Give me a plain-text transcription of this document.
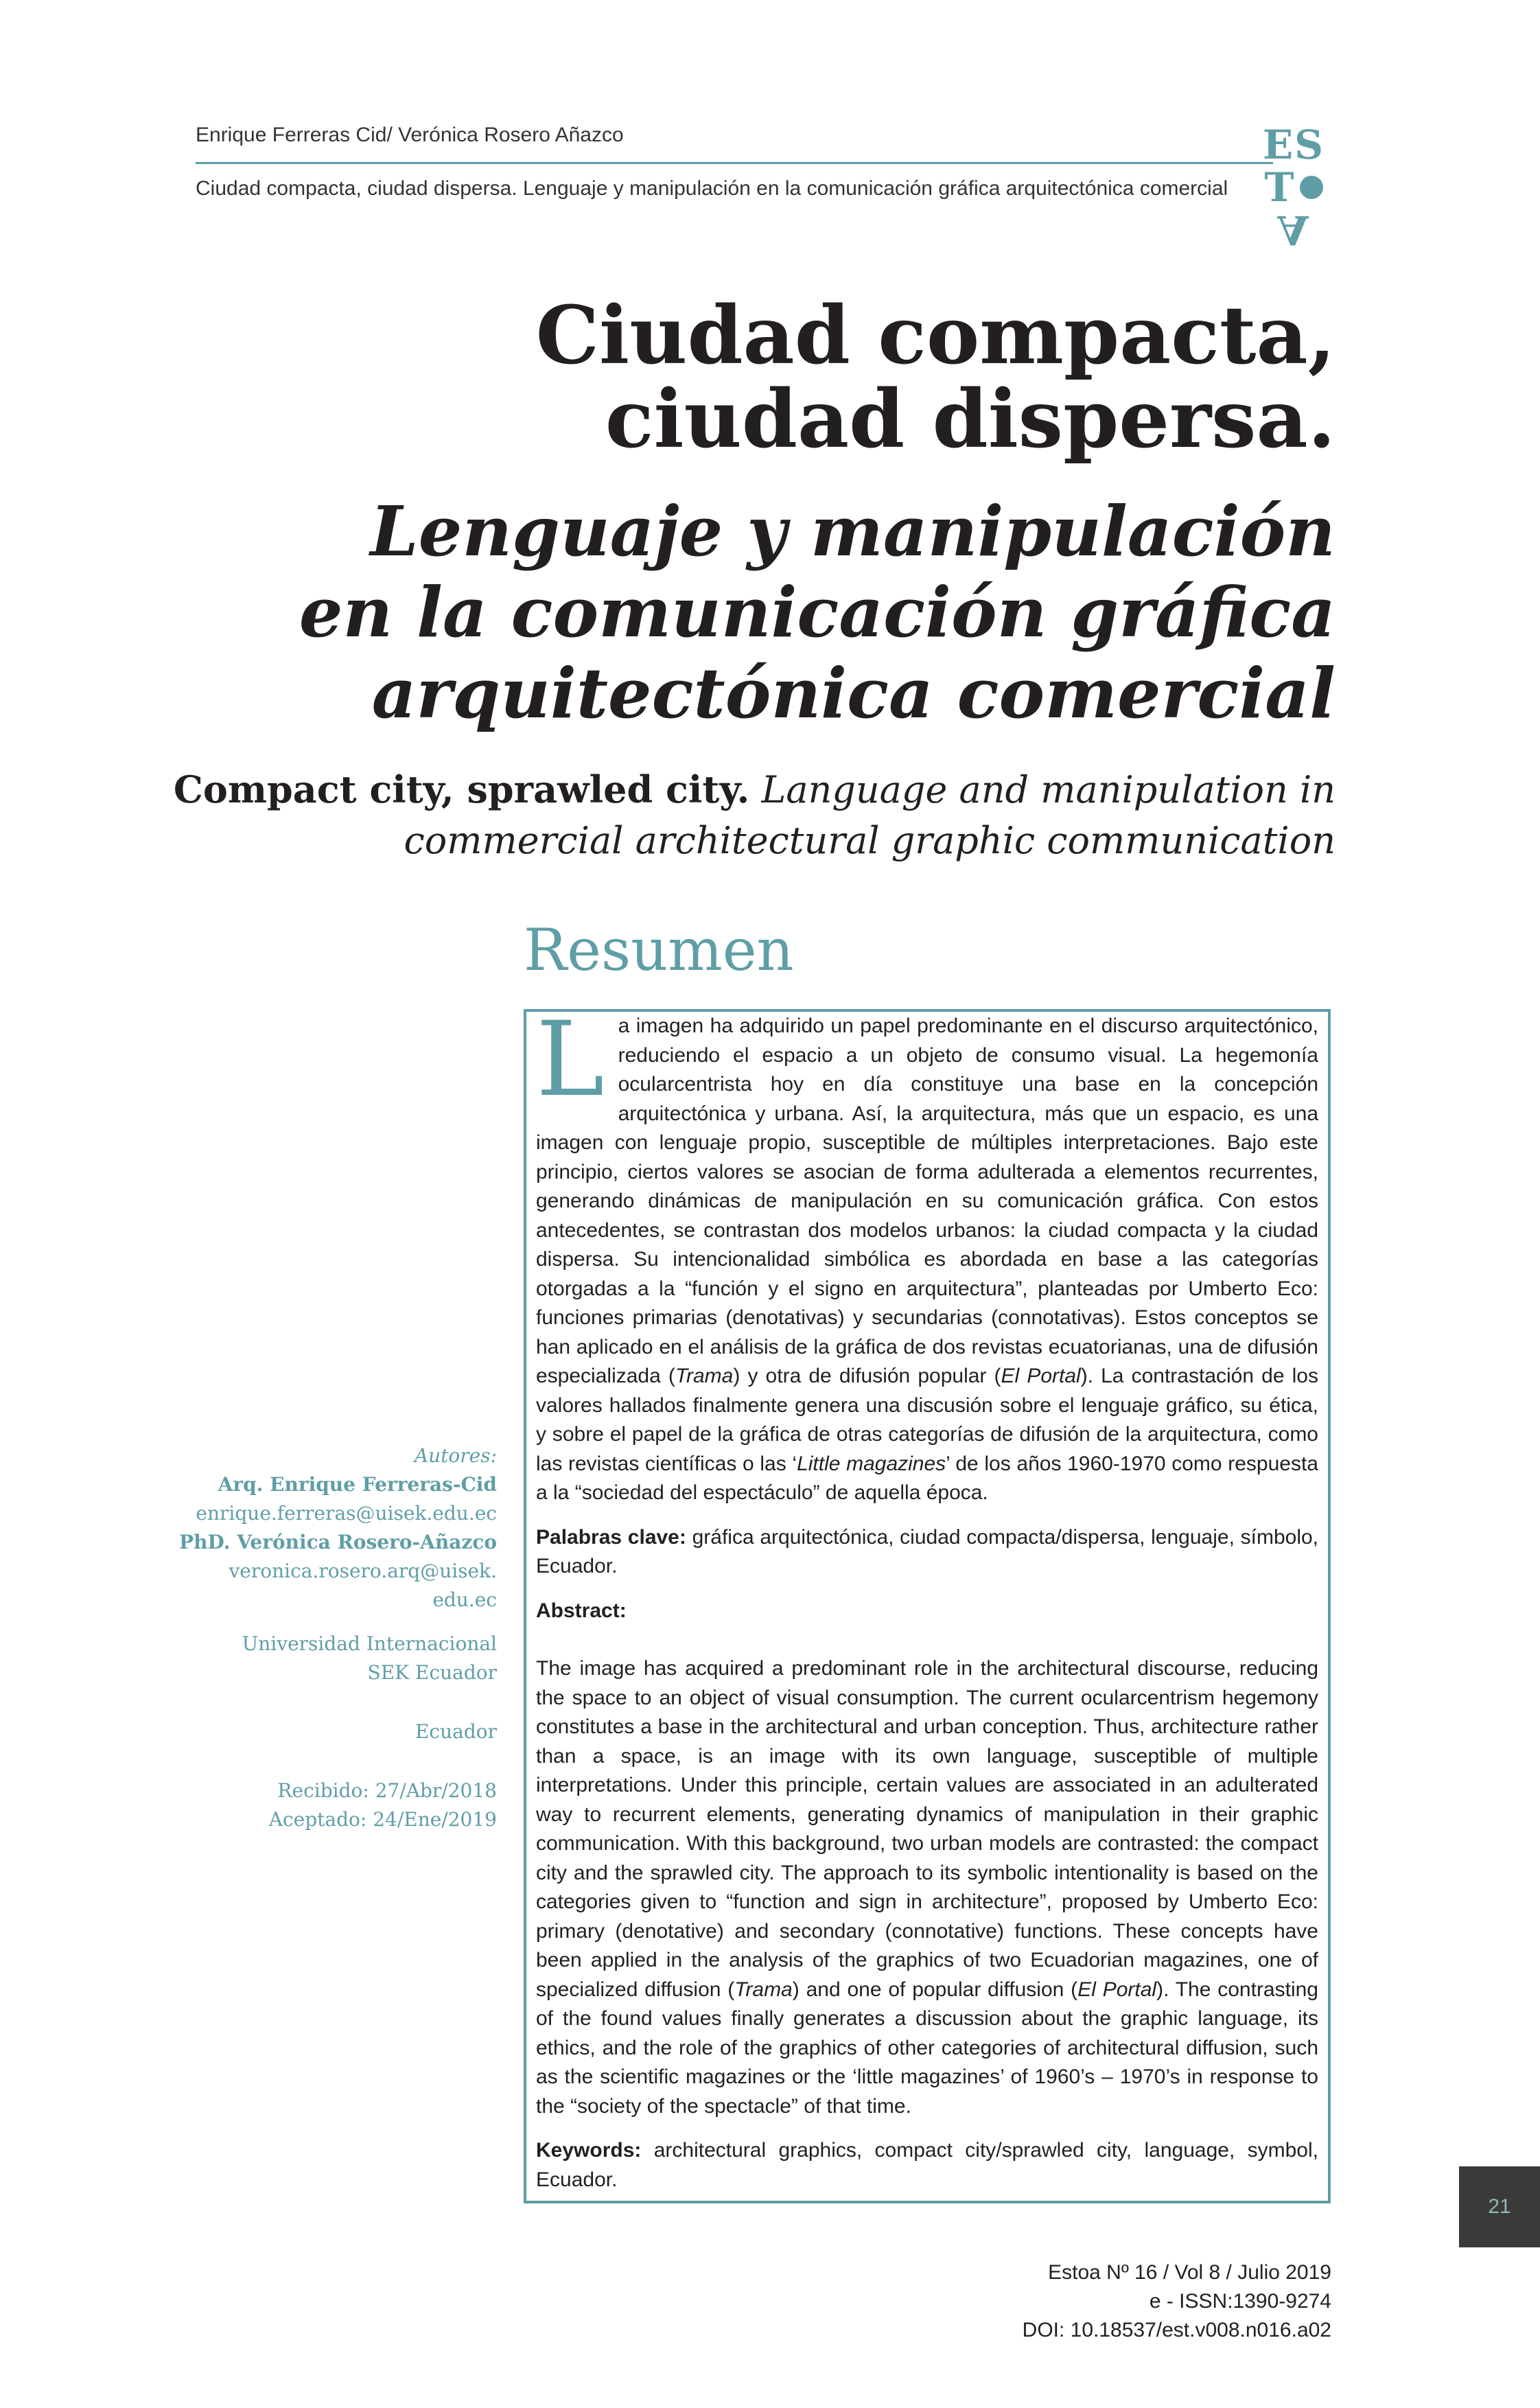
Enrique Ferreras Cid/ Verónica Rosero Añazco
Ciudad compacta, ciudad dispersa. Lenguaje y manipulación en la comunicación gráfica arquitectónica comercial
ES
T
A
Ciudad compacta,
ciudad dispersa.
Lenguaje y manipulación
en la comunicación gráfica
arquitectónica comercial
Compact city, sprawled city. Language and manipulation in
commercial architectural graphic communication
Resumen

La imagen ha adquirido un papel predominante en el discurso arquitectónico, reduciendo el espacio a un objeto de consumo visual. La hegemonía ocularcentrista hoy en día constituye una base en la concepción arquitectónica y urbana. Así, la arquitectura, más que un espacio, es una imagen con lenguaje propio, susceptible de múltiples interpretaciones. Bajo este principio, ciertos valores se asocian de forma adulterada a elementos recurrentes, generando dinámicas de manipulación en su comunicación gráfica. Con estos antecedentes, se contrastan dos modelos urbanos: la ciudad compacta y la ciudad dispersa. Su intencionalidad simbólica es abordada en base a las categorías otorgadas a la “función y el signo en arquitectura”, planteadas por Umberto Eco: funciones primarias (denotativas) y secundarias (connotativas). Estos conceptos se han aplicado en el análisis de la gráfica de dos revistas ecuatorianas, una de difusión especializada (Trama) y otra de difusión popular (El Portal). La contrastación de los valores hallados finalmente genera una discusión sobre el lenguaje gráfico, su ética, y sobre el papel de la gráfica de otras categorías de difusión de la arquitectura, como las revistas científicas o las ‘Little magazines’ de los años 1960-1970 como respuesta a la “sociedad del espectáculo” de aquella época.

Palabras clave: gráfica arquitectónica, ciudad compacta/dispersa, lenguaje, símbolo, Ecuador.

Abstract:

The image has acquired a predominant role in the architectural discourse, reducing the space to an object of visual consumption. The current ocularcentrism hegemony constitutes a base in the architectural and urban conception. Thus, architecture rather than a space, is an image with its own language, susceptible of multiple interpretations. Under this principle, certain values are associated in an adulterated way to recurrent elements, generating dynamics of manipulation in their graphic communication. With this background, two urban models are contrasted: the compact city and the sprawled city. The approach to its symbolic intentionality is based on the categories given to “function and sign in architecture”, proposed by Umberto Eco: primary (denotative) and secondary (connotative) functions. These concepts have been applied in the analysis of the graphics of two Ecuadorian magazines, one of specialized diffusion (Trama) and one of popular diffusion (El Portal). The contrasting of the found values finally generates a discussion about the graphic language, its ethics, and the role of the graphics of other categories of architectural diffusion, such as the scientific magazines or the ‘little magazines’ of 1960’s – 1970’s in response to the “society of the spectacle” of that time.

Keywords: architectural graphics, compact city/sprawled city, language, symbol, Ecuador.

Autores:
Arq. Enrique Ferreras-Cid
enrique.ferreras@uisek.edu.ec
PhD. Verónica Rosero-Añazco
veronica.rosero.arq@uisek.
edu.ec
Universidad Internacional
SEK Ecuador
Ecuador
Recibido: 27/Abr/2018
Aceptado: 24/Ene/2019
21
Estoa Nº 16 / Vol 8 / Julio 2019
e - ISSN:1390-9274
DOI: 10.18537/est.v008.n016.a02
